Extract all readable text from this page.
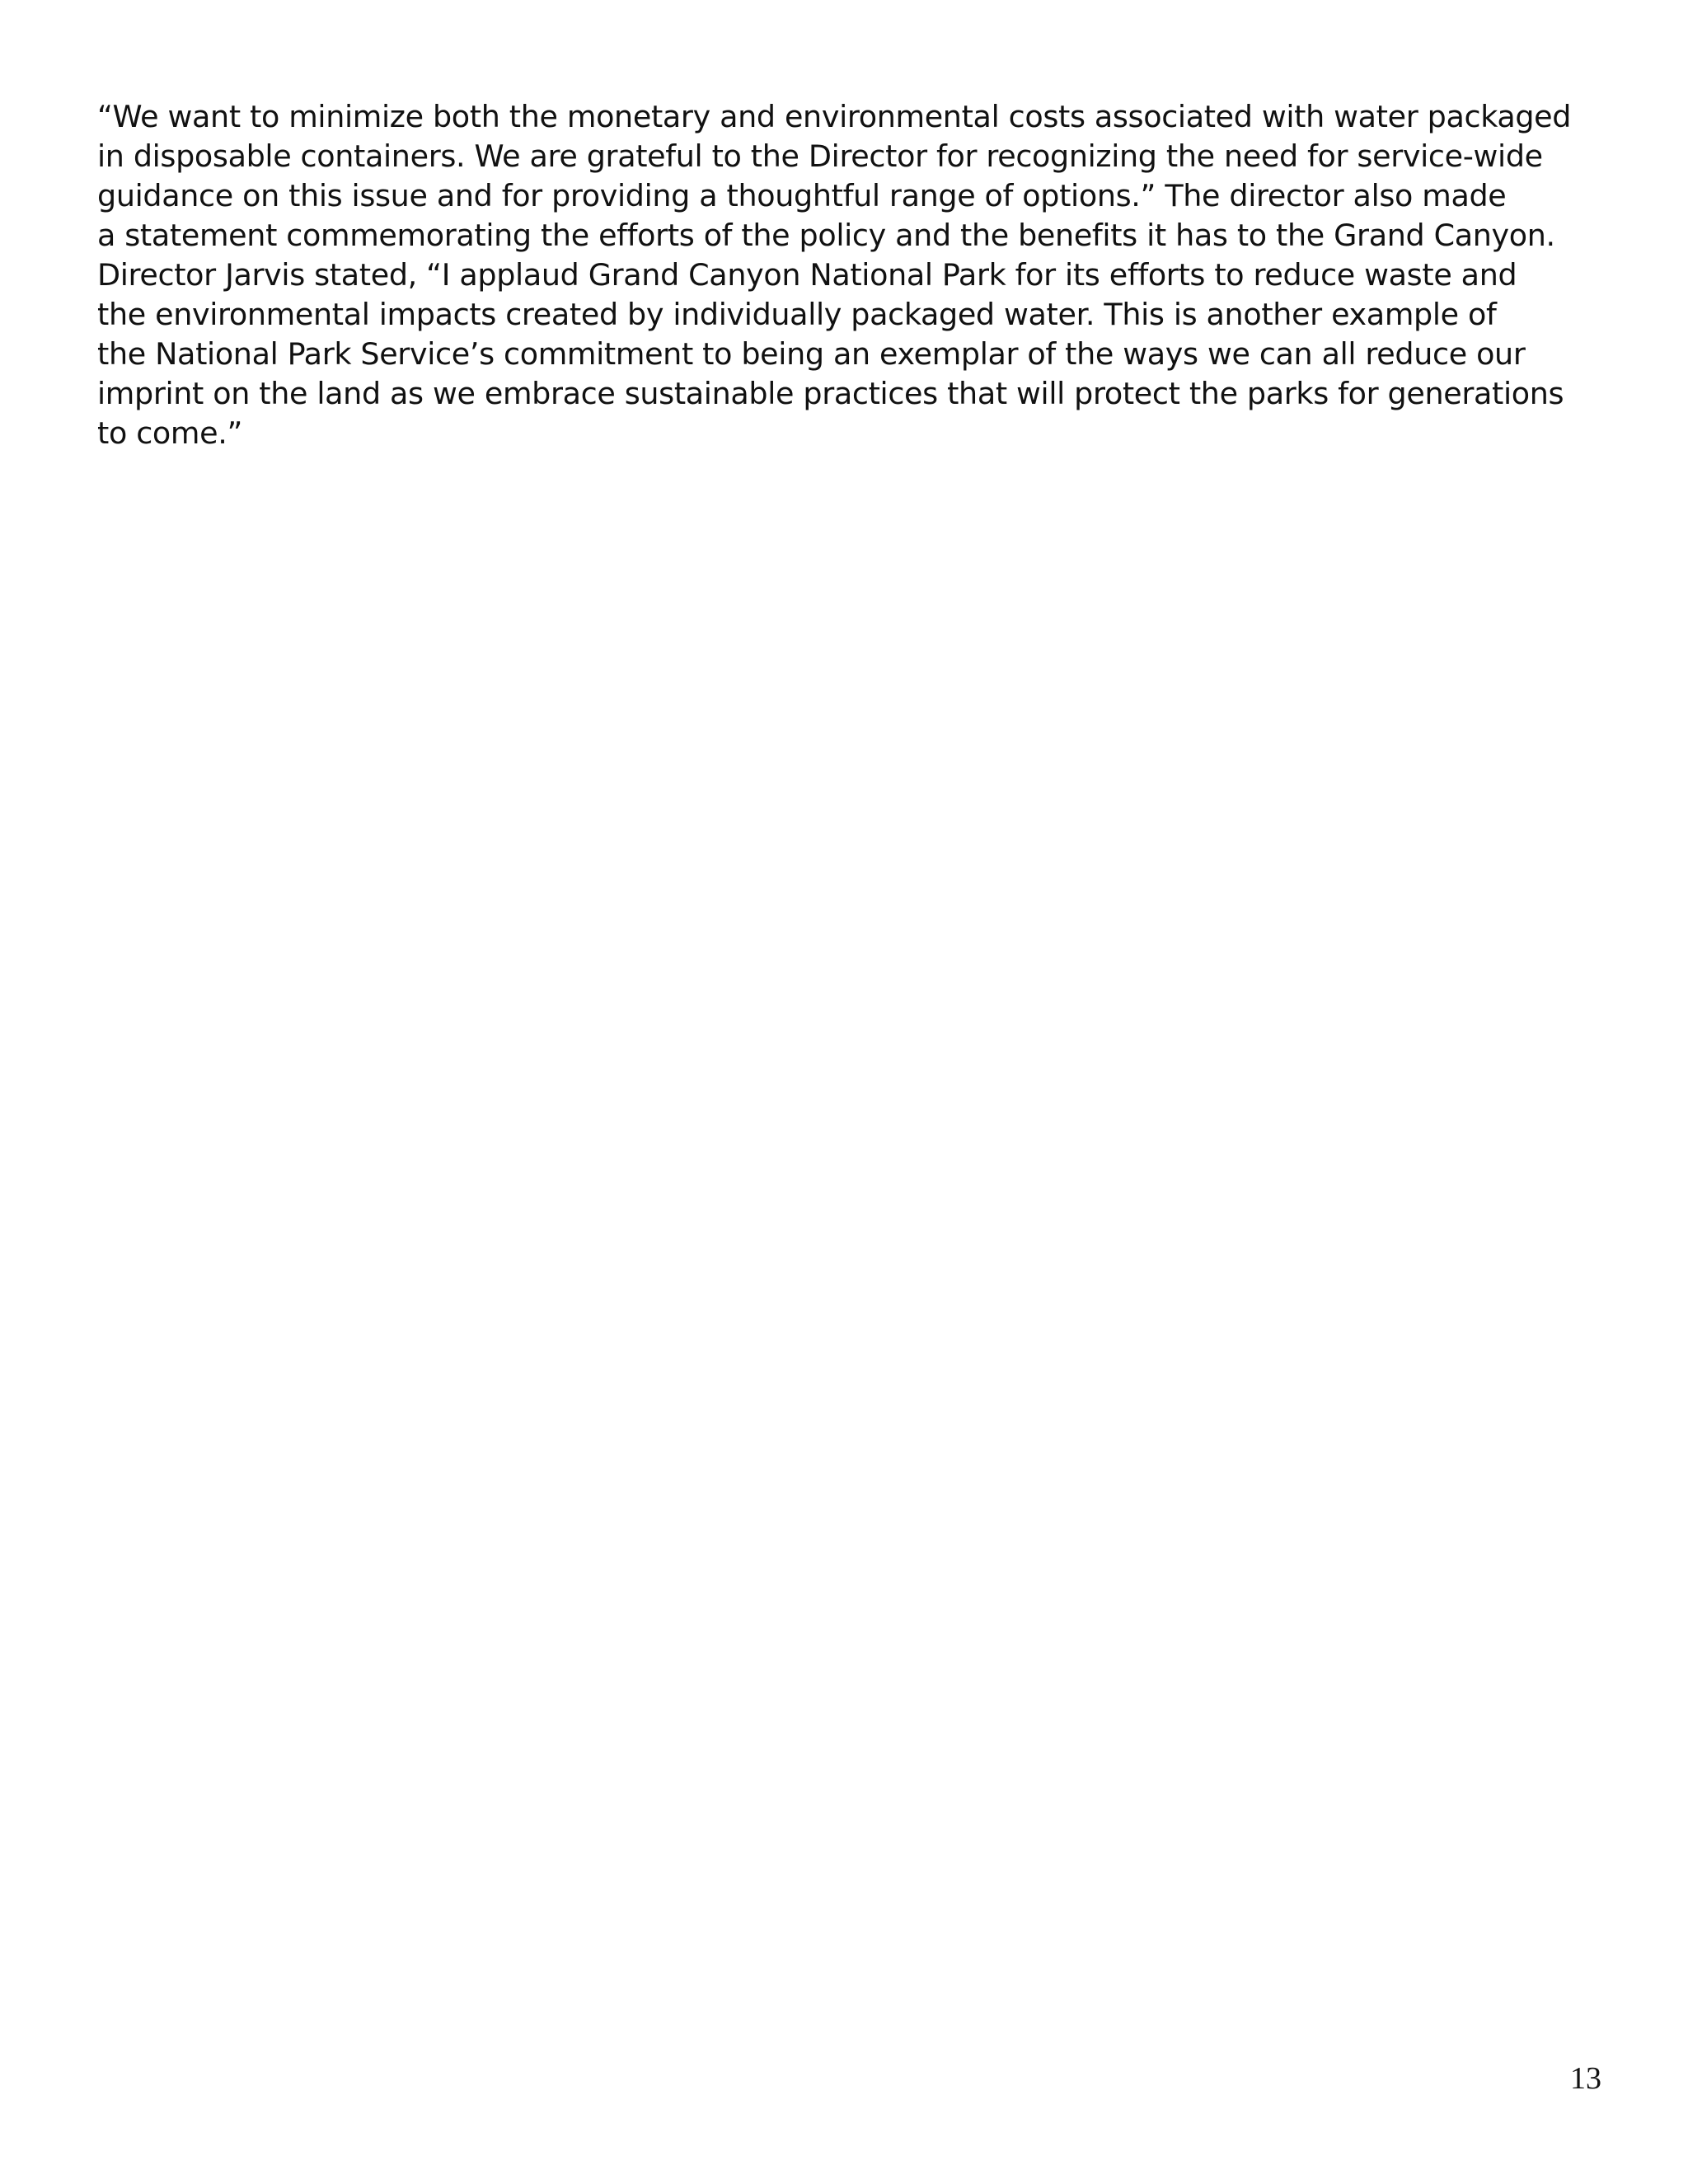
“We want to minimize both the monetary and environmental costs associated with water packaged
in disposable containers. We are grateful to the Director for recognizing the need for service-wide
guidance on this issue and for providing a thoughtful range of options.” The director also made
a statement commemorating the efforts of the policy and the benefits it has to the Grand Canyon.
Director Jarvis stated, “I applaud Grand Canyon National Park for its efforts to reduce waste and
the environmental impacts created by individually packaged water. This is another example of
the National Park Service’s commitment to being an exemplar of the ways we can all reduce our
imprint on the land as we embrace sustainable practices that will protect the parks for generations
to come.”

13
